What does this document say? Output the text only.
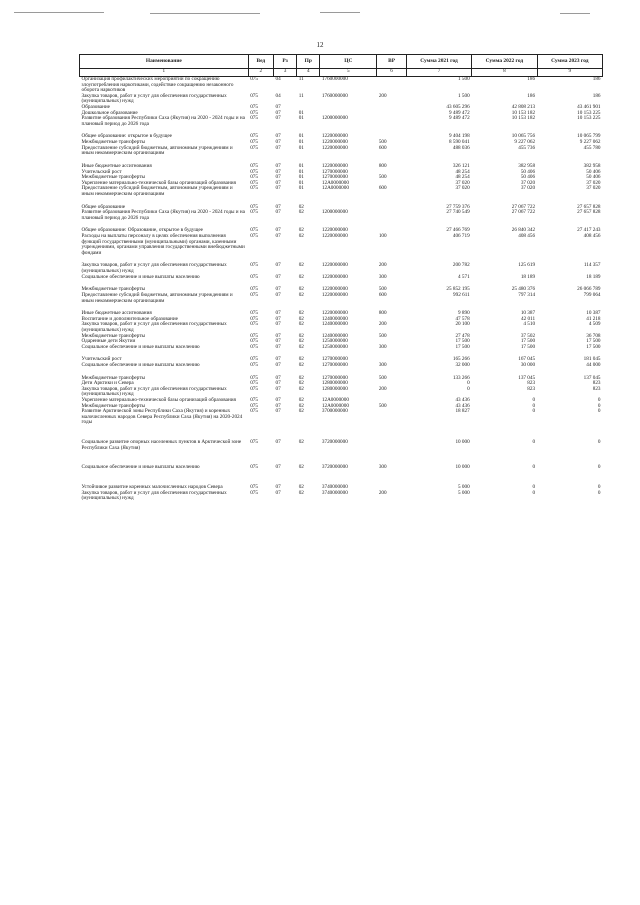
12
Наименование	Вед	Рз	Пр	ЦС	ВР	Сумма 2021 год	Сумма 2022 год	Сумма 2023 год
1	2	3	4	5	6	7	8	9
Организация профилактических мероприятий по сокращению злоупотребления наркотиками, содействие сокращению незаконного оборота наркотиков	075	04	11	1760000000		1 500	186	186
Закупка товаров, работ и услуг для обеспечения государственных (муниципальных) нужд	075	04	11	1760000000	200	1 500	186	186
Образование	075	07				43 605 296	42 808 213	43 461 901
Дошкольное образование	075	07	01			9 489 472	10 153 182	10 153 225
Развитие образования Республики Саха (Якутия) на 2020 - 2024 годы и на плановый период до 2026 года	075	07	01	1200000000		9 489 472	10 153 182	10 153 225

Общее образование: открытое в будущее	075	07	01	1220000000		9 404 198	10 065 756	10 065 799
Межбюджетные трансферты	075	07	01	1220000000	500	8 590 041	9 227 062	9 227 062
Предоставление субсидий бюджетным, автономным учреждениям и иным некоммерческим организациям	075	07	01	1220000000	600	488 036	455 736	455 780

Иные бюджетные ассигнования	075	07	01	1220000000	800	326 121	382 958	382 958
Учительский рост	075	07	01	1270000000		48 254	50 406	50 406
Межбюджетные трансферты	075	07	01	1270000000	500	48 254	50 406	50 406
Укрепление материально-технической базы организаций образования	075	07	01	12А0000000		37 020	37 020	37 020
Предоставление субсидий бюджетным, автономным учреждениям и иным некоммерческим организациям	075	07	01	12А0000000	600	37 020	37 020	37 020

Общее образование	075	07	02			27 759 376	27 067 722	27 657 828
Развитие образования Республики Саха (Якутия) на 2020 - 2024 годы и на плановый период до 2026 года	075	07	02	1200000000		27 740 549	27 067 722	27 657 828

Общее образование: Образование, открытое в будущее	075	07	02	1220000000		27 466 769	26 840 342	27 417 243
Расходы на выплаты персоналу в целях обеспечения выполнения функций государственными (муниципальными) органами, казенными учреждениями, органами управления государственными внебюджетными фондами	075	07	02	1220000000	100	406 719	408 456	408 456

Закупка товаров, работ и услуг для обеспечения государственных (муниципальных) нужд	075	07	02	1220000000	200	200 782	125 619	114 357
Социальное обеспечение и иные выплаты населению	075	07	02	1220000000	300	4 571	18 189	18 189

Межбюджетные трансферты	075	07	02	1220000000	500	25 852 195	25 480 376	26 066 789
Предоставление субсидий бюджетным, автономным учреждениям и иным некоммерческим организациям	075	07	02	1220000000	600	992 611	797 314	799 064

Иные бюджетные ассигнования	075	07	02	1220000000	800	9 890	10 387	10 387
Воспитание и дополнительное образование	075	07	02	1240000000		47 578	42 011	41 218
Закупка товаров, работ и услуг для обеспечения государственных (муниципальных) нужд	075	07	02	1240000000	200	20 100	4 510	4 509
Межбюджетные трансферты	075	07	02	1240000000	500	27 478	37 502	36 708
Одаренные дети Якутии	075	07	02	1250000000		17 500	17 500	17 500
Социальное обеспечение и иные выплаты населению	075	07	02	1250000000	300	17 500	17 500	17 500

Учительский рост	075	07	02	1270000000		165 266	167 045	181 045
Социальное обеспечение и иные выплаты населению	075	07	02	1270000000	300	32 000	30 000	44 000

Межбюджетные трансферты	075	07	02	1270000000	500	133 266	137 045	137 045
Дети Арктики и Севера	075	07	02	1280000000		0	823	823
Закупка товаров, работ и услуг для обеспечения государственных (муниципальных) нужд	075	07	02	1280000000	200	0	823	823
Укрепление материально-технической базы организаций образования	075	07	02	12А0000000		43 436	0	0
Межбюджетные трансферты	075	07	02	12А0000000	500	43 436	0	0
Развитие Арктической зоны Республики Саха (Якутия) и коренных малочисленных народов Севера Республики Саха (Якутия) на 2020-2024 годы	075	07	02	3700000000		18 827	0	0

Социальное развитие опорных населенных пунктов в Арктической зоне Республики Саха (Якутия)	075	07	02	3720000000		10 000	0	0

Социальное обеспечение и иные выплаты населению	075	07	02	3720000000	300	10 000	0	0

Устойчивое развитие коренных малочисленных народов Севера	075	07	02	3740000000		5 000	0	0
Закупка товаров, работ и услуг для обеспечения государственных (муниципальных) нужд	075	07	02	3740000000	200	5 000	0	0
